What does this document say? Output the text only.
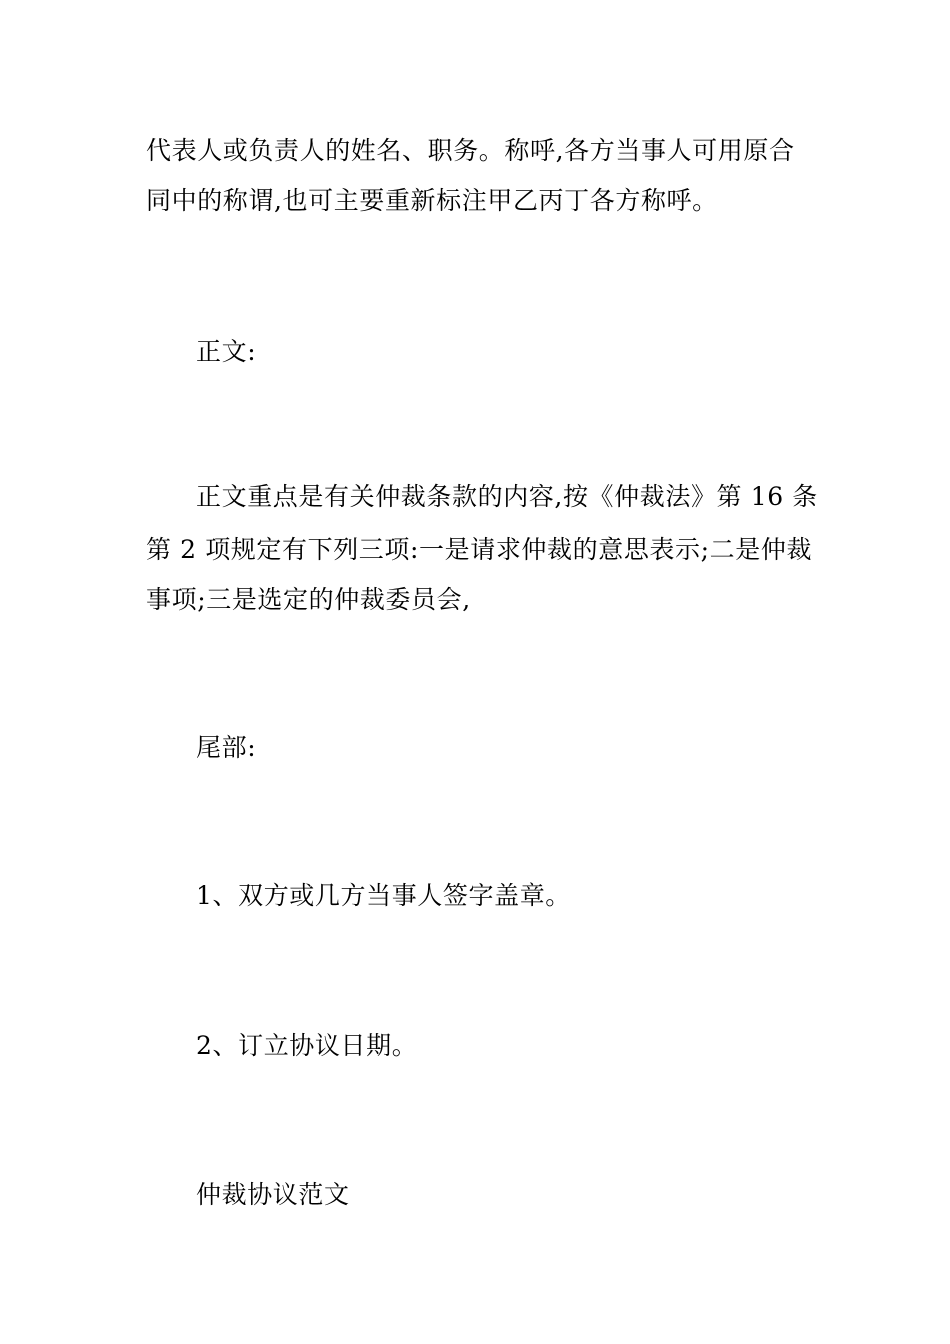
代表人或负责人的姓名、职务。称呼,各方当事人可用原合
同中的称谓,也可主要重新标注甲乙丙丁各方称呼。
正文:
正文重点是有关仲裁条款的内容,按《仲裁法》第 16 条
第 2 项规定有下列三项:一是请求仲裁的意思表示;二是仲裁
事项;三是选定的仲裁委员会,
尾部:
1、双方或几方当事人签字盖章。
2、订立协议日期。
仲裁协议范文
